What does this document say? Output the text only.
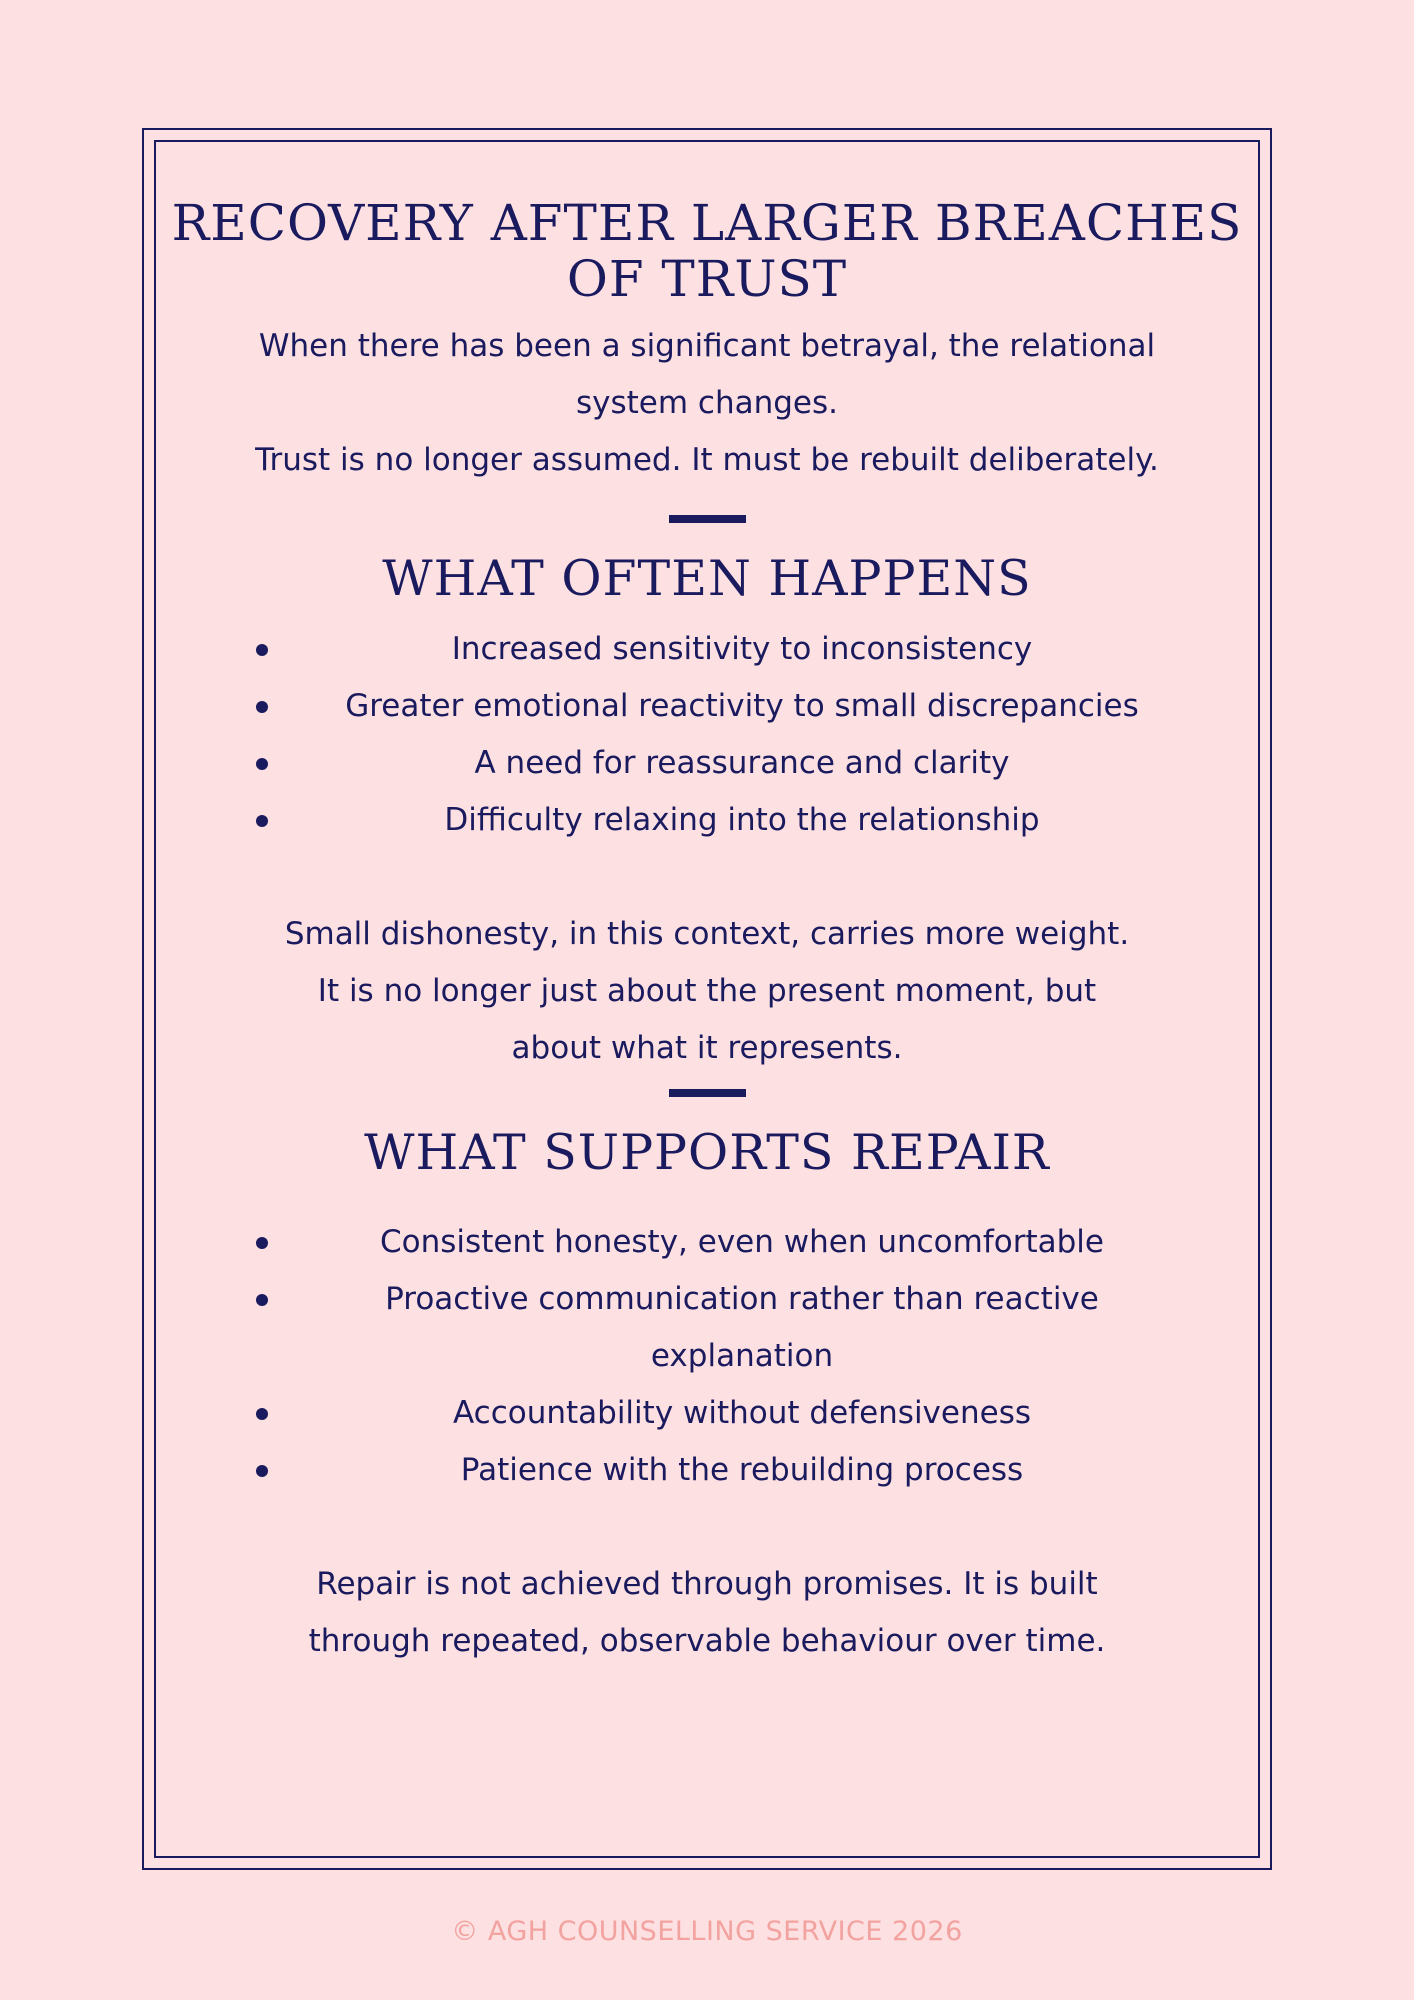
RECOVERY AFTER LARGER BREACHES OF TRUST

When there has been a significant betrayal, the relational system changes.

Trust is no longer assumed. It must be rebuilt deliberately.

WHAT OFTEN HAPPENS
Increased sensitivity to inconsistency
Greater emotional reactivity to small discrepancies
A need for reassurance and clarity
Difficulty relaxing into the relationship

Small dishonesty, in this context, carries more weight. It is no longer just about the present moment, but about what it represents.

WHAT SUPPORTS REPAIR
Consistent honesty, even when uncomfortable
Proactive communication rather than reactive explanation
Accountability without defensiveness
Patience with the rebuilding process

Repair is not achieved through promises. It is built through repeated, observable behaviour over time.

© AGH COUNSELLING SERVICE 2026
